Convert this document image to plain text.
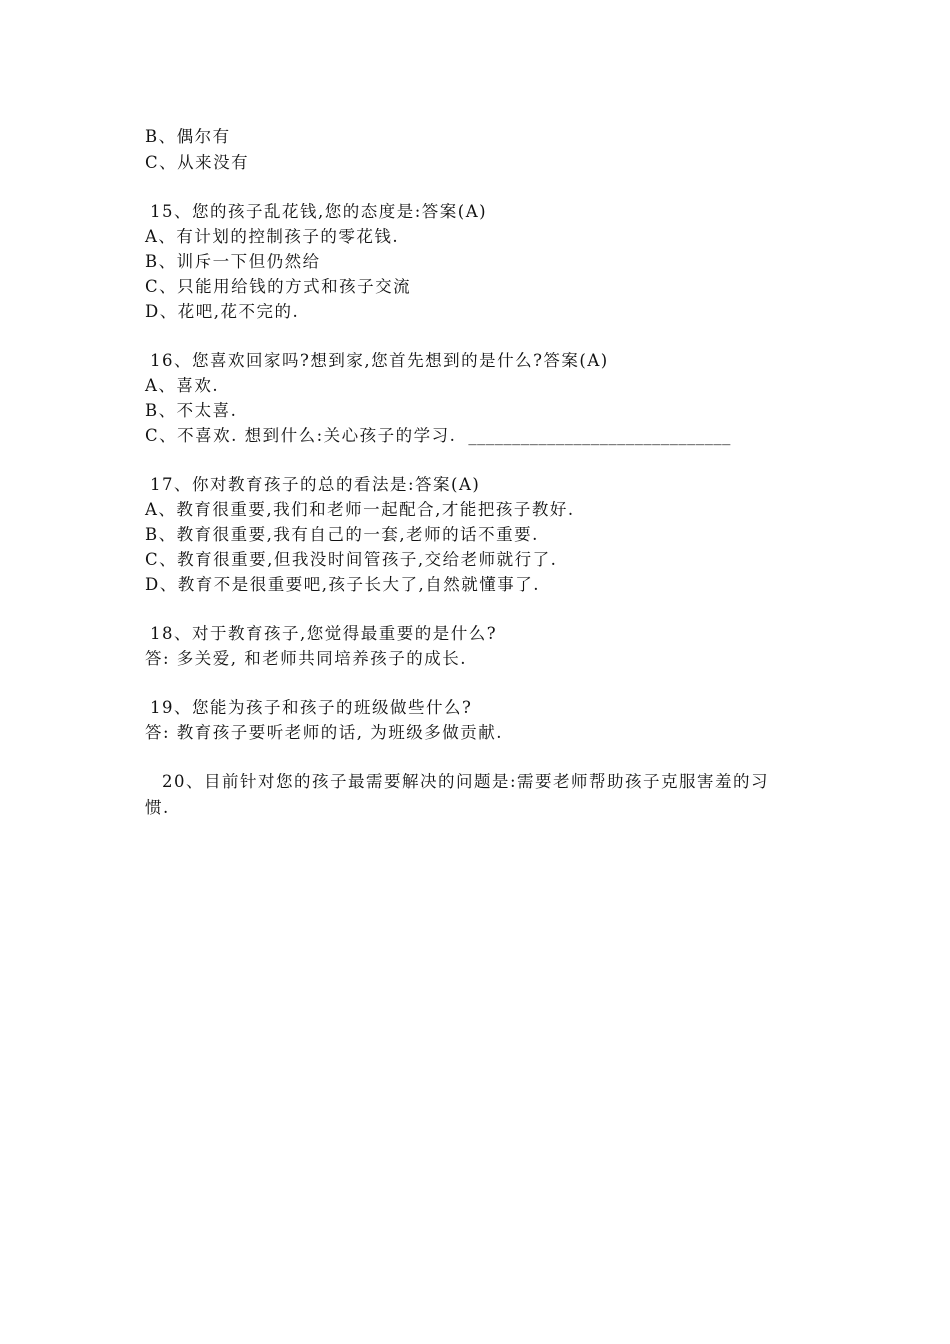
B、偶尔有
C、从来没有
15、您的孩子乱花钱,您的态度是:答案(A)
A、有计划的控制孩子的零花钱.
B、训斥一下但仍然给
C、只能用给钱的方式和孩子交流
D、花吧,花不完的.
16、您喜欢回家吗?想到家,您首先想到的是什么?答案(A)
A、喜欢.
B、不太喜.
C、不喜欢. 想到什么:关心孩子的学习. ______________________________
17、你对教育孩子的总的看法是:答案(A)
A、教育很重要,我们和老师一起配合,才能把孩子教好.
B、教育很重要,我有自己的一套,老师的话不重要.
C、教育很重要,但我没时间管孩子,交给老师就行了.
D、教育不是很重要吧,孩子长大了,自然就懂事了.
18、对于教育孩子,您觉得最重要的是什么?
答: 多关爱, 和老师共同培养孩子的成长.
19、您能为孩子和孩子的班级做些什么?
答: 教育孩子要听老师的话, 为班级多做贡献.
20、目前针对您的孩子最需要解决的问题是:需要老师帮助孩子克服害羞的习
惯.
